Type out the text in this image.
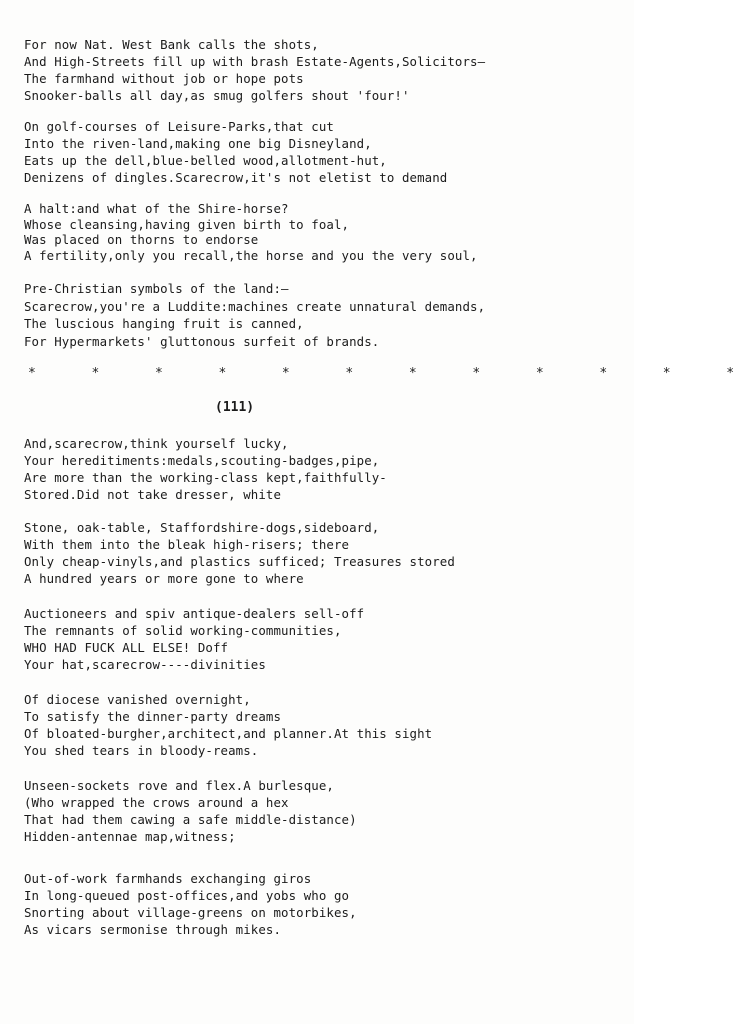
For now Nat. West Bank calls the shots,
And High-Streets fill up with brash Estate-Agents,Solicitors—
The farmhand without job or hope pots
Snooker-balls all day,as smug golfers shout 'four!'
On golf-courses of Leisure-Parks,that cut
Into the riven-land,making one big Disneyland,
Eats up the dell,blue-belled wood,allotment-hut,
Denizens of dingles.Scarecrow,it's not eletist to demand
A halt:and what of the Shire-horse?
Whose cleansing,having given birth to foal,
Was placed on thorns to endorse
A fertility,only you recall,the horse and you the very soul,
Pre-Christian symbols of the land:—
Scarecrow,you're a Luddite:machines create unnatural demands,
The luscious hanging fruit is canned,
For Hypermarkets' gluttonous surfeit of brands.
*  *  *  *  *  *  *  *  *  *  *  *
(111)
And,scarecrow,think yourself lucky,
Your hereditiments:medals,scouting-badges,pipe,
Are more than the working-class kept,faithfully-
Stored.Did not take dresser, white
Stone, oak-table, Staffordshire-dogs,sideboard,
With them into the bleak high-risers; there
Only cheap-vinyls,and plastics sufficed; Treasures stored
A hundred years or more gone to where
Auctioneers and spiv antique-dealers sell-off
The remnants of solid working-communities,
WHO HAD FUCK ALL ELSE! Doff
Your hat,scarecrow----divinities
Of diocese vanished overnight,
To satisfy the dinner-party dreams
Of bloated-burgher,architect,and planner.At this sight
You shed tears in bloody-reams.
Unseen-sockets rove and flex.A burlesque,
(Who wrapped the crows around a hex
That had them cawing a safe middle-distance)
Hidden-antennae map,witness;
Out-of-work farmhands exchanging giros
In long-queued post-offices,and yobs who go
Snorting about village-greens on motorbikes,
As vicars sermonise through mikes.
